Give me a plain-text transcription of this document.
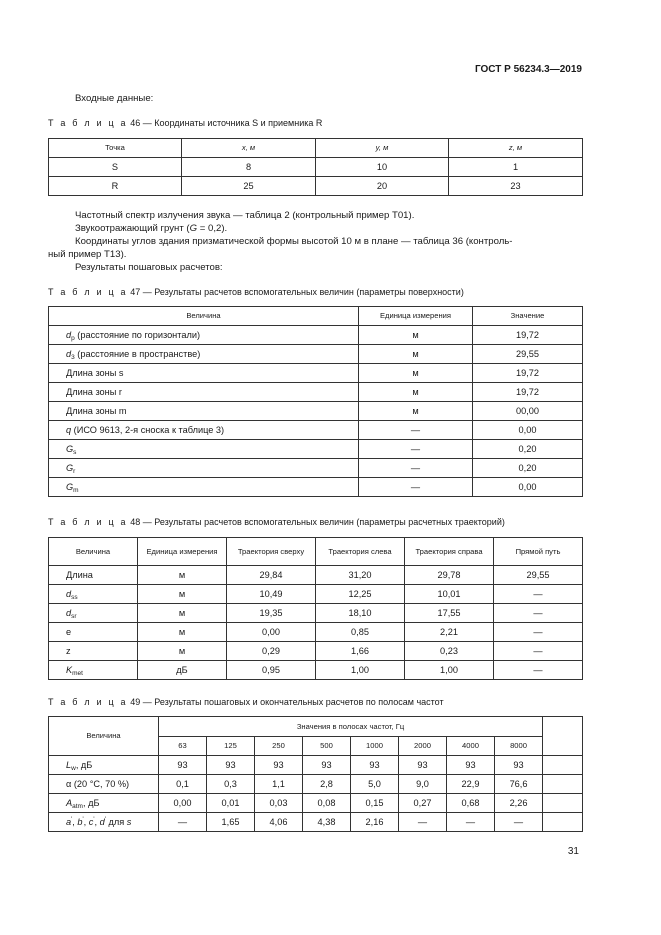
ГОСТ Р 56234.3—2019
Входные данные:
Т а б л и ц а 46 — Координаты источника S и приемника R
Точка	x, м	y, м	z, м
S	8	10	1
R	25	20	23
Частотный спектр излучения звука — таблица 2 (контрольный пример Т01).
Звукоотражающий грунт (G = 0,2).
Координаты углов здания призматической формы высотой 10 м в плане — таблица 36 (контроль-
ный пример Т13).
Результаты пошаговых расчетов:
Т а б л и ц а 47 — Результаты расчетов вспомогательных величин (параметры поверхности)
Величина	Единица измерения	Значение
$d_p$ (расстояние по горизонтали)	м	19,72
$d_3$ (расстояние в пространстве)	м	29,55
Длина зоны s	м	19,72
Длина зоны r	м	19,72
Длина зоны m	м	00,00
q (ИСО 9613, 2-я сноска к таблице 3)	—	0,00
$G_s$	—	0,20
$G_r$	—	0,20
$G_m$	—	0,00
Т а б л и ц а 48 — Результаты расчетов вспомогательных величин (параметры расчетных траекторий)
Величина	Единица измерения	Траектория сверху	Траектория слева	Траектория справа	Прямой путь
Длина	м	29,84	31,20	29,78	29,55
$d_{ss}$	м	10,49	12,25	10,01	—
$d_{sr}$	м	19,35	18,10	17,55	—
e	м	0,00	0,85	2,21	—
z	м	0,29	1,66	0,23	—
$K_{met}$	дБ	0,95	1,00	1,00	—
Т а б л и ц а 49 — Результаты пошаговых и окончательных расчетов по полосам частот
Величина	Значения в полосах частот, Гц								
	63	125	250	500	1000	2000	4000	8000	
$L_w$, дБ	93	93	93	93	93	93	93	93	
α (20 °C, 70 %)	0,1	0,3	1,1	2,8	5,0	9,0	22,9	76,6	
$A_{atm}$, дБ	0,00	0,01	0,03	0,08	0,15	0,27	0,68	2,26	
a', b', c', d' для s	—	1,65	4,06	4,38	2,16	—	—	—	
31
